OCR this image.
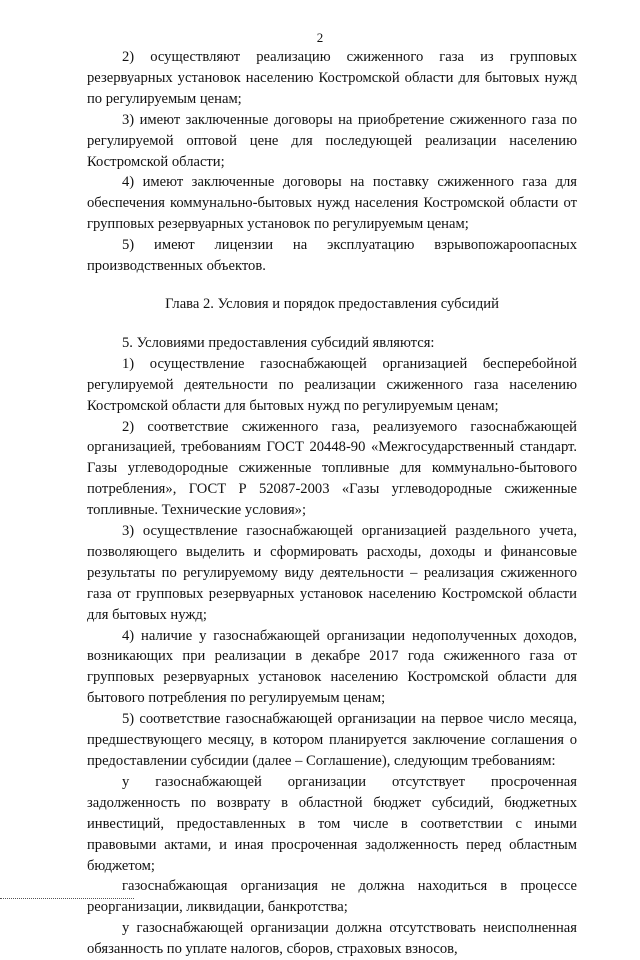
2

2) осуществляют реализацию сжиженного газа из групповых резервуарных установок населению Костромской области для бытовых нужд по регулируемым ценам;

3) имеют заключенные договоры на приобретение сжиженного газа по регулируемой оптовой цене для последующей реализации населению Костромской области;

4) имеют заключенные договоры на поставку сжиженного газа для обеспечения коммунально-бытовых нужд населения Костромской области от групповых резервуарных установок по регулируемым ценам;

5) имеют лицензии на эксплуатацию взрывопожароопасных производственных объектов.

Глава 2. Условия и порядок предоставления субсидий

5. Условиями предоставления субсидий являются:

1) осуществление газоснабжающей организацией бесперебойной регулируемой деятельности по реализации сжиженного газа населению Костромской области для бытовых нужд по регулируемым ценам;

2) соответствие сжиженного газа, реализуемого газоснабжающей организацией, требованиям ГОСТ 20448-90 «Межгосударственный стандарт. Газы углеводородные сжиженные топливные для коммунально-бытового потребления», ГОСТ Р 52087-2003 «Газы углеводородные сжиженные топливные. Технические условия»;

3) осуществление газоснабжающей организацией раздельного учета, позволяющего выделить и сформировать расходы, доходы и финансовые результаты по регулируемому виду деятельности – реализация сжиженного газа от групповых резервуарных установок населению Костромской области для бытовых нужд;

4) наличие у газоснабжающей организации недополученных доходов, возникающих при реализации в декабре 2017 года сжиженного газа от групповых резервуарных установок населению Костромской области для бытового потребления по регулируемым ценам;

5) соответствие газоснабжающей организации на первое число месяца, предшествующего месяцу, в котором планируется заключение соглашения о предоставлении субсидии (далее – Соглашение), следующим требованиям:

у газоснабжающей организации отсутствует просроченная задолженность по возврату в областной бюджет субсидий, бюджетных инвестиций, предоставленных в том числе в соответствии с иными правовыми актами, и иная просроченная задолженность перед областным бюджетом;

газоснабжающая организация не должна находиться в процессе реорганизации, ликвидации, банкротства;

у газоснабжающей организации должна отсутствовать неисполненная обязанность по уплате налогов, сборов, страховых взносов,
